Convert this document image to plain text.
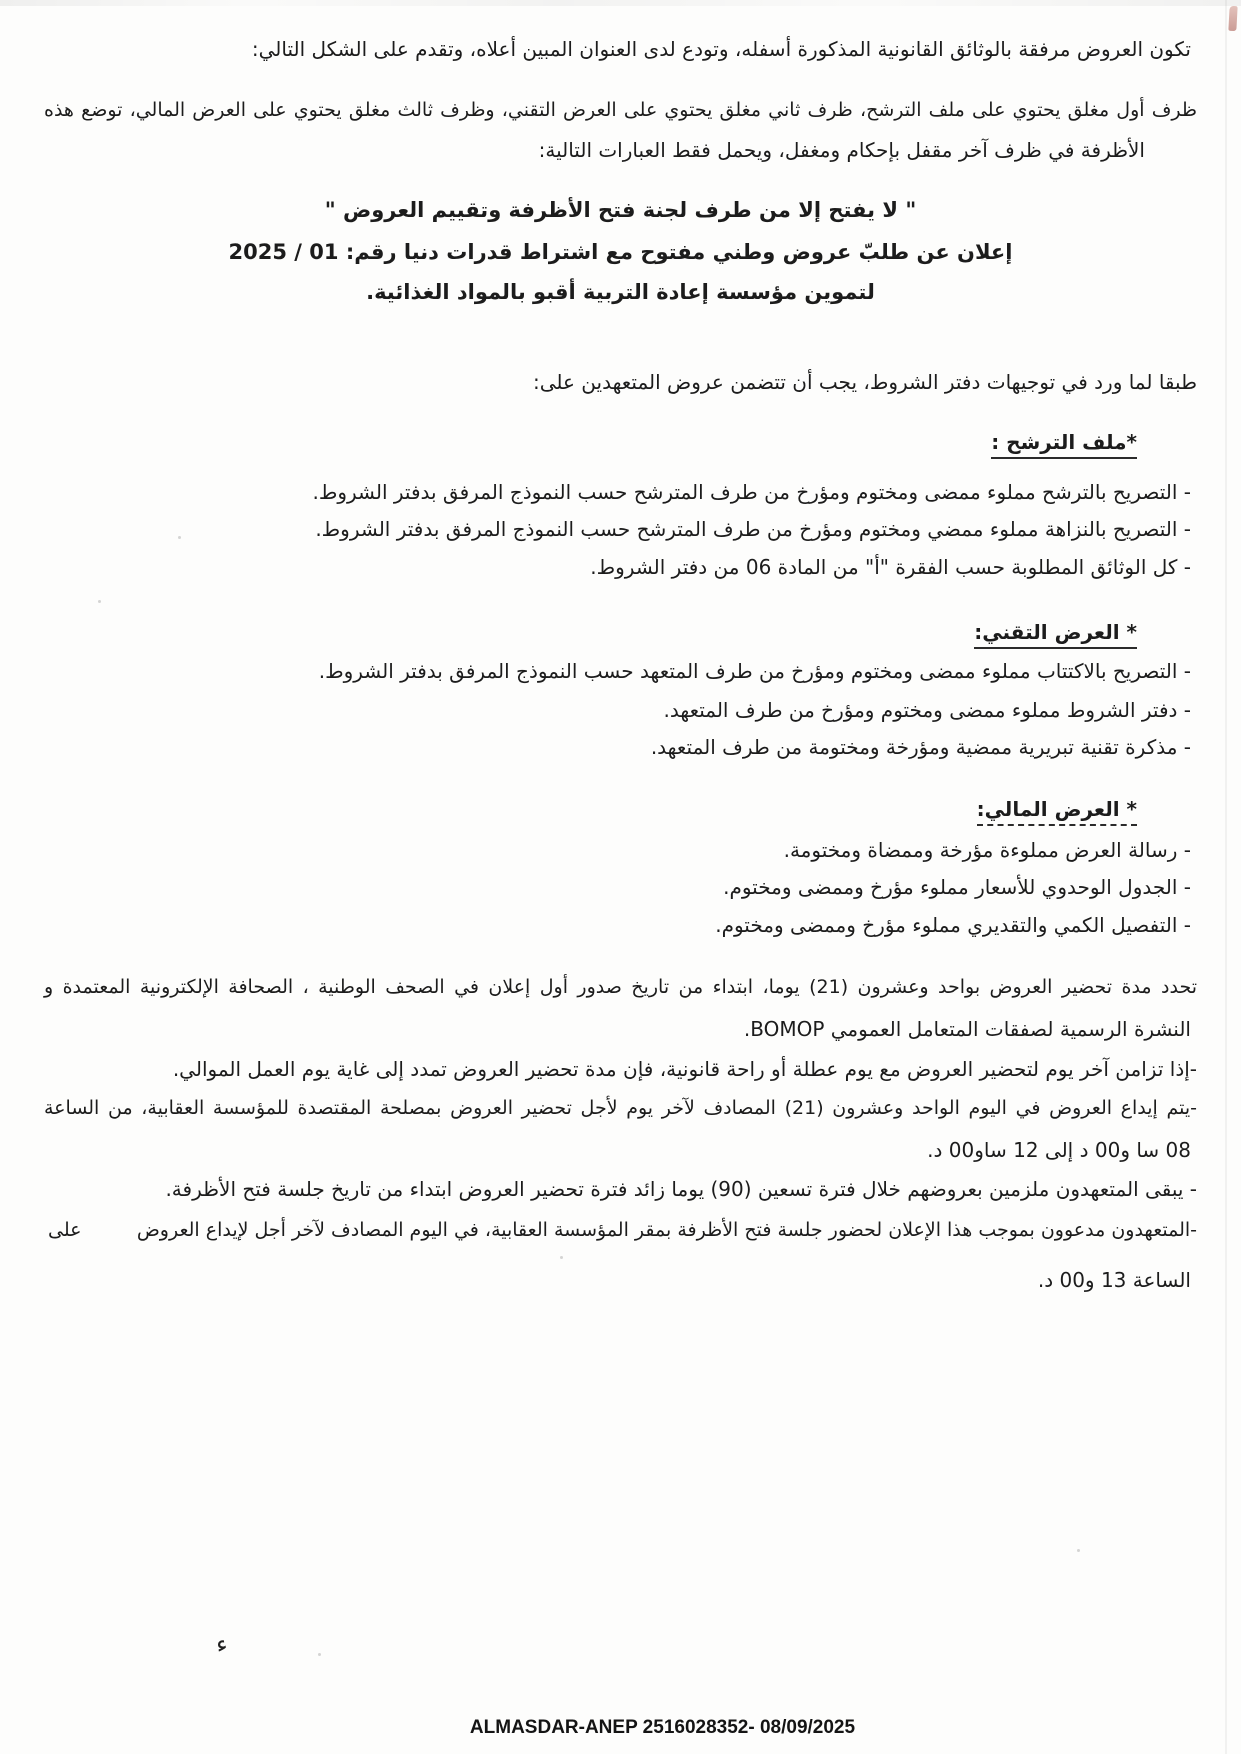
تكون العروض مرفقة بالوثائق القانونية المذكورة أسفله، وتودع لدى العنوان المبين أعلاه، وتقدم على الشكل التالي:
ظرف أول مغلق يحتوي على ملف الترشح، ظرف ثاني مغلق يحتوي على العرض التقني، وظرف ثالث مغلق يحتوي على العرض المالي، توضع هذه
الأظرفة في ظرف آخر مقفل بإحكام ومغفل، ويحمل فقط العبارات التالية:
" لا يفتح إلا من طرف لجنة فتح الأظرفة وتقييم العروض "
إعلان عن طلبّ عروض وطني مفتوح مع اشتراط قدرات دنيا رقم: 01 / 2025
لتموين مؤسسة إعادة التربية أقبو بالمواد الغذائية.
طبقا لما ورد في توجيهات دفتر الشروط، يجب أن تتضمن عروض المتعهدين على:
*ملف الترشح :
- التصريح بالترشح مملوء ممضى ومختوم ومؤرخ من طرف المترشح حسب النموذج المرفق بدفتر الشروط.
- التصريح بالنزاهة مملوء ممضي ومختوم ومؤرخ من طرف المترشح حسب النموذج المرفق بدفتر الشروط.
- كل الوثائق المطلوبة حسب الفقرة "أ" من المادة 06 من دفتر الشروط.
* العرض التقني:
- التصريح بالاكتتاب مملوء ممضى ومختوم ومؤرخ من طرف المتعهد حسب النموذج المرفق بدفتر الشروط.
- دفتر الشروط مملوء ممضى ومختوم ومؤرخ من طرف المتعهد.
- مذكرة تقنية تبريرية ممضية ومؤرخة ومختومة من طرف المتعهد.
* العرض المالي:
- رسالة العرض مملوءة مؤرخة وممضاة ومختومة.
- الجدول الوحدوي للأسعار مملوء مؤرخ وممضى ومختوم.
- التفصيل الكمي والتقديري مملوء مؤرخ وممضى ومختوم.
تحدد مدة تحضير العروض بواحد وعشرون (21) يوما، ابتداء من تاريخ صدور أول إعلان في الصحف الوطنية ، الصحافة الإلكترونية المعتمدة و
النشرة الرسمية لصفقات المتعامل العمومي BOMOP.
-إذا تزامن آخر يوم لتحضير العروض مع يوم عطلة أو راحة قانونية، فإن مدة تحضير العروض تمدد إلى غاية يوم العمل الموالي.
-يتم إيداع العروض في اليوم الواحد وعشرون (21) المصادف لآخر يوم لأجل تحضير العروض بمصلحة المقتصدة للمؤسسة العقابية، من الساعة
08 سا و00 د إلى 12 ساو00 د.
- يبقى المتعهدون ملزمين بعروضهم خلال فترة تسعين (90) يوما زائد فترة تحضير العروض ابتداء من تاريخ جلسة فتح الأظرفة.
-المتعهدون مدعوون بموجب هذا الإعلان لحضور جلسة فتح الأظرفة بمقر المؤسسة العقابية، في اليوم المصادف لآخر أجل لإيداع العروض
على
الساعة 13 و00 د.
ء
ALMASDAR-ANEP 2516028352- 08/09/2025
